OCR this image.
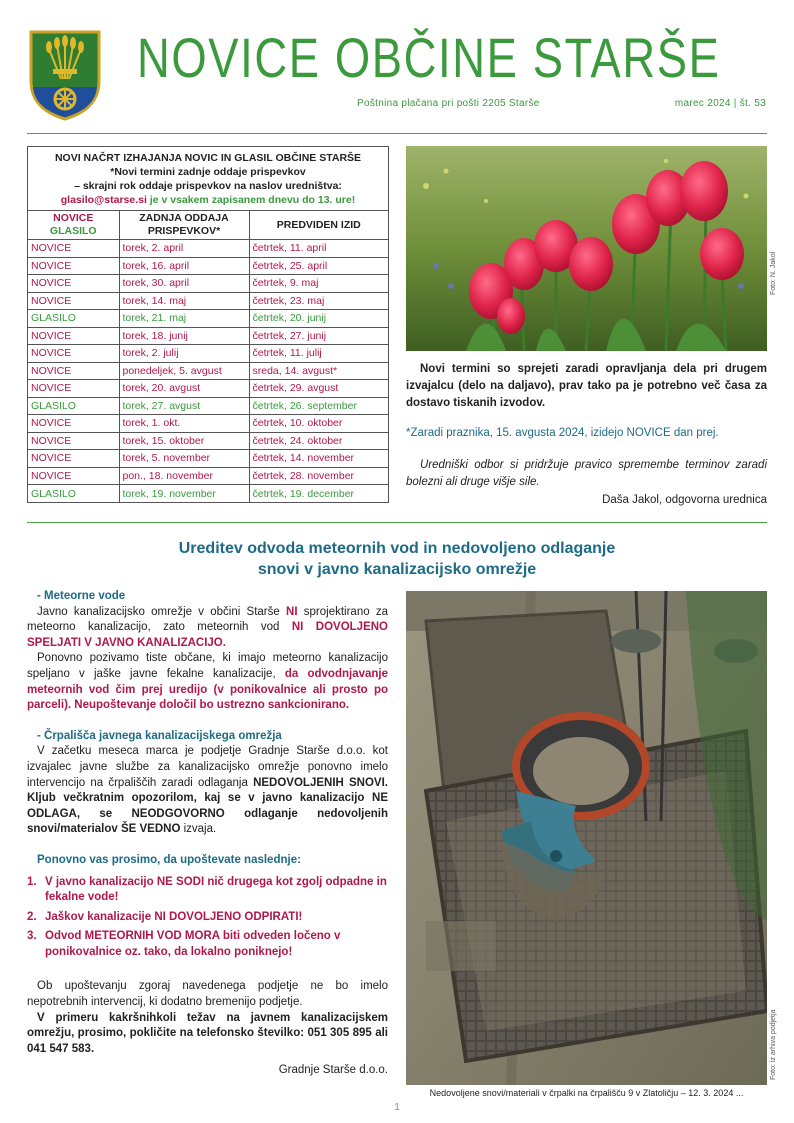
NOVICE OBČINE STARŠE
Poštnina plačana pri pošti 2205 Starše	marec 2024 | št. 53
NOVI NAČRT IZHAJANJA NOVIC IN GLASIL OBČINE STARŠE
*Novi termini zadnje oddaje prispevkov
– skrajni rok oddaje prispevkov na naslov uredništva:
glasilo@starse.si je v vsakem zapisanem dnevu do 13. ure!
NOVICE
GLASILO	ZADNJA ODDAJA PRISPEVKOV*	PREDVIDEN IZID
NOVICE	torek, 2. april	četrtek, 11. april
NOVICE	torek, 16. april	četrtek, 25. april
NOVICE	torek, 30. april	četrtek, 9. maj
NOVICE	torek, 14. maj	četrtek, 23. maj
GLASILO	torek, 21. maj	četrtek, 20. junij
NOVICE	torek, 18. junij	četrtek, 27. junij
NOVICE	torek, 2. julij	četrtek, 11. julij
NOVICE	ponedeljek, 5. avgust	sreda, 14. avgust*
NOVICE	torek, 20. avgust	četrtek, 29. avgust
GLASILO	torek, 27. avgust	četrtek, 26. september
NOVICE	torek, 1. okt.	četrtek, 10. oktober
NOVICE	torek, 15. oktober	četrtek, 24. oktober
NOVICE	torek, 5. november	četrtek, 14. november
NOVICE	pon., 18. november	četrtek, 28. november
GLASILO	torek, 19. november	četrtek, 19. december
Foto: N. Jakol
Novi termini so sprejeti zaradi opravljanja dela pri drugem izvajalcu (delo na daljavo), prav tako pa je potrebno več časa za dostavo tiskanih izvodov.
*Zaradi praznika, 15. avgusta 2024, izidejo NOVICE dan prej.
Uredniški odbor si pridržuje pravico spremembe terminov zaradi bolezni ali druge višje sile.
Daša Jakol, odgovorna urednica
Ureditev odvoda meteornih vod in nedovoljeno odlaganje
snovi v javno kanalizacijsko omrežje
- Meteorne vode

Javno kanalizacijsko omrežje v občini Starše NI sprojektirano za meteorno kanalizacijo, zato meteornih vod NI DOVOLJENO SPELJATI V JAVNO KANALIZACIJO.

Ponovno pozivamo tiste občane, ki imajo meteorno kanalizacijo speljano v jaške javne fekalne kanalizacije, da odvodnjavanje meteornih vod čim prej uredijo (v ponikovalnice ali prosto po parceli). Neupoštevanje določil bo ustrezno sankcionirano.

- Črpališča javnega kanalizacijskega omrežja

V začetku meseca marca je podjetje Gradnje Starše d.o.o. kot izvajalec javne službe za kanalizacijsko omrežje ponovno imelo intervencijo na črpališčih zaradi odlaganja NEDOVOLJENIH SNOVI. Kljub večkratnim opozorilom, kaj se v javno kanalizacijo NE ODLAGA, se NEODGOVORNO odlaganje nedovoljenih snovi/materialov ŠE VEDNO izvaja.

Ponovno vas prosimo, da upoštevate naslednje:
1. V javno kanalizacijo NE SODI nič drugega kot zgolj odpadne in fekalne vode!
2. Jaškov kanalizacije NI DOVOLJENO ODPIRATI!
3. Odvod METEORNIH VOD MORA biti odveden ločeno v ponikovalnice oz. tako, da lokalno poniknejo!

Ob upoštevanju zgoraj navedenega podjetje ne bo imelo nepotrebnih intervencij, ki dodatno bremenijo podjetje.

V primeru kakršnihkoli težav na javnem kanalizacijskem omrežju, prosimo, pokličite na telefonsko številko: 051 305 895 ali 041 547 583.

Gradnje Starše d.o.o.	Foto: iz arhiva podjetja
Nedovoljene snovi/materiali v črpalki na črpališču 9 v Zlatoličju – 12. 3. 2024 ...
1
